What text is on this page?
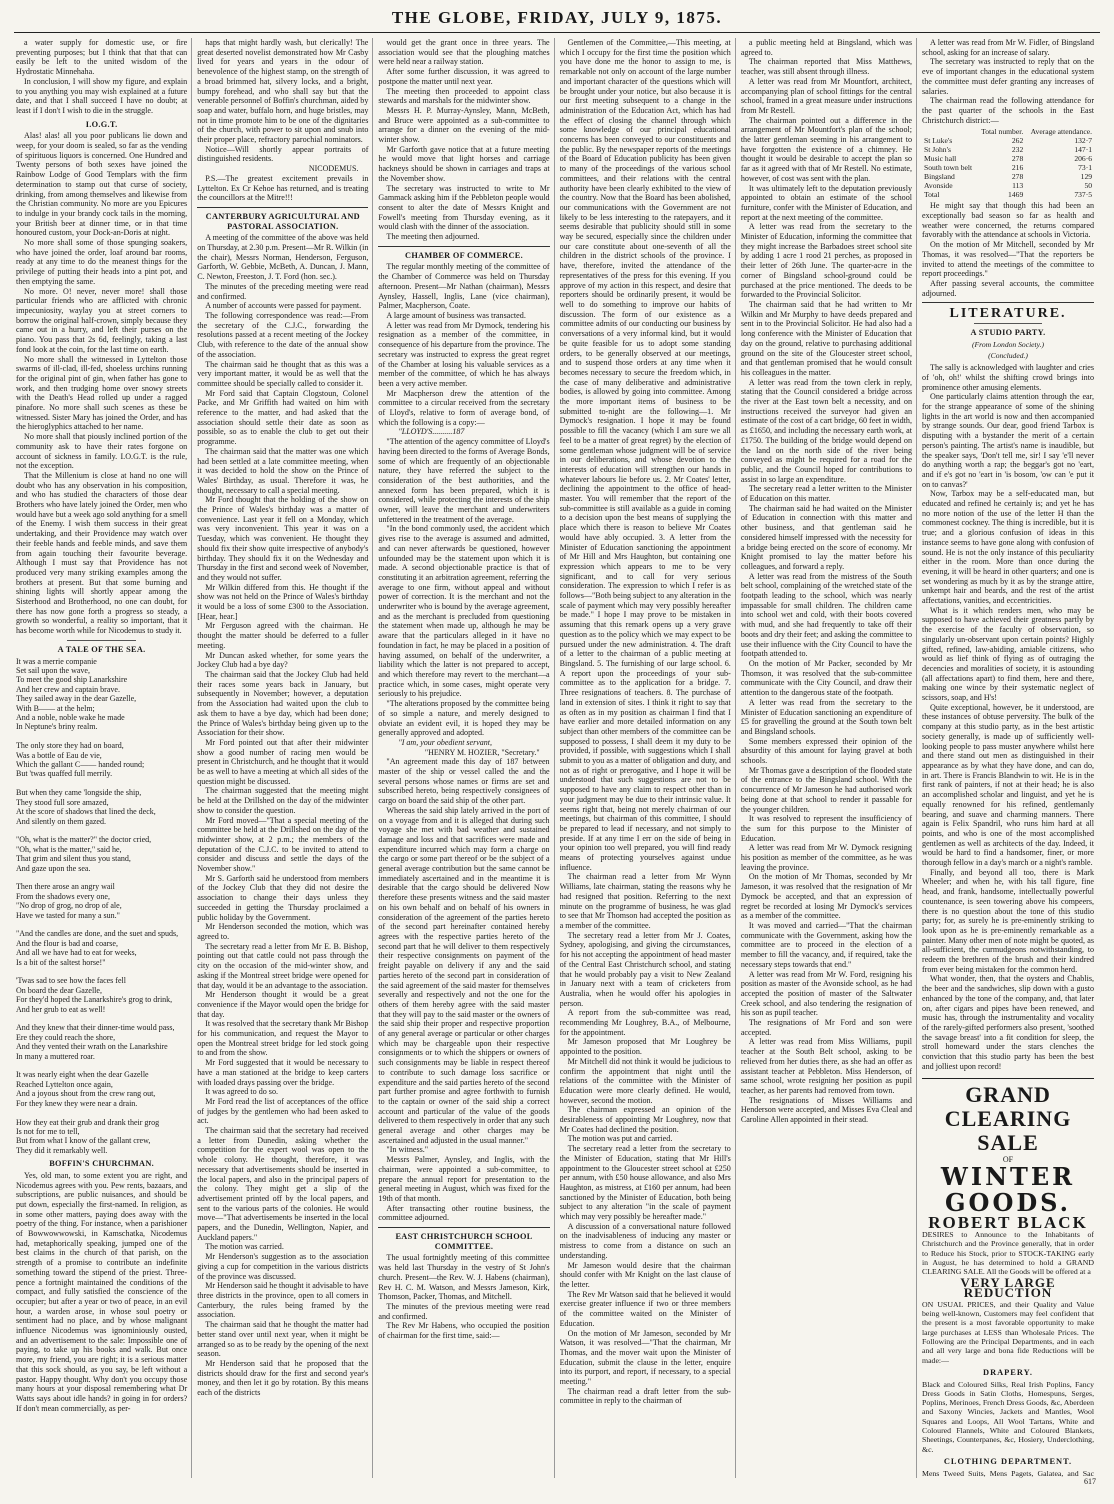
THE GLOBE, FRIDAY, JULY 9, 1875.

a water supply for domestic use, or fire preventing purposes; but I think that that that can easily be left to the united wisdom of the Hydrostatic Minnehaha.

In conclusion, I will show my figure, and explain to you anything you may wish explained at a future date, and that I shall succeed I have no doubt; at least if I don't I wish to die in the struggle.

I.O.G.T.

Alas! alas! all you poor publicans lie down and weep, for your doom is sealed, so far as the vending of spirituous liquors is concerned. One Hundred and Twenty persons of both sexes have joined the Rainbow Lodge of Good Templars with the firm determination to stamp out that curse of society, drinking, from among themselves and likewise from the Christian community. No more are you Epicures to indulge in your brandy cock tails in the morning, your British beer at dinner time, or in that time honoured custom, your Dock-an-Doris at night.

No more shall some of those spunging soakers, who have joined the order, loaf around bar rooms, ready at any time to do the meanest things for the privilege of putting their heads into a pint pot, and then emptying the same.

No more. O! never, never more! shall those particular friends who are afflicted with chronic impecuniosity, waylay you at street corners to borrow the original half-crown, simply because they came out in a hurry, and left their purses on the piano. You pass that 2s 6d, feelingly, taking a last fond look at the coin, for the last time on earth.

No more shall the witnessed in Lyttelton those swarms of ill-clad, ill-fed, shoeless urchins running for the original pint of gin, when father has gone to work, and then trudging home over snowy streets with the Death's Head rolled up under a ragged pinafore. No more shall such scenes as these be witnessed. Sister Mary has joined the Order, and has the hieroglyphics attached to her name.

No more shall that piously inclined portion of the community ask to have their rates forgone on account of sickness in family. I.O.G.T. is the rule, not the exception.

That the Millenium is close at hand no one will doubt who has any observation in his composition, and who has studied the characters of those dear Brothers who have lately joined the Order, men who would have but a week ago sold anything for a smell of the Enemy. I wish them success in their great undertaking, and their Providence may watch over their feeble hands and feeble minds, and save them from again touching their favourite beverage. Although I must say that Providence has not produced very many striking examples among the brothers at present. But that some burning and shining lights will shortly appear among the Sisterhood and Brotherhood, no one can doubt, for there has now gone forth a progress so steady, a growth so wonderful, a reality so important, that it has become worth while for Nicodemus to study it.

A TALE OF THE SEA.
It was a merrie companie
Set sail upon the wave,
To meet the good ship Lanarkshire
And her crew and captain brave.
They sailed away in the dear Gazelle,
With B—— at the helm;
And a noble, noble wake he made
In Neptune's briny realm.

The only store they had on board,
Was a bottle of Eau de vie,
Which the gallant C—— handed round;
But 'twas quaffed full merrily.

But when they came 'longside the ship,
They stood full sore amazed,
At the score of shadows that lined the deck,
And silently on them gazed.

"Oh, what is the matter?" the doctor cried,
"Oh, what is the matter," said he,
That grim and silent thus you stand,
And gaze upon the sea.

Then there arose an angry wail
From the shadows every one,
"No drop of grog, no drop of ale,
Have we tasted for many a sun."

"And the candles are done, and the suet and spuds,
And the flour is bad and coarse,
And all we have had to eat for weeks,
Is a bit of the saltest horse!"

'Twas sad to see how the faces fell
On board the dear Gazelle,
For they'd hoped the Lanarkshire's grog to drink,
And her grub to eat as well!

And they knew that their dinner-time would pass,
Ere they could reach the shore,
And they vented their wrath on the Lanarkshire
In many a muttered roar.

It was nearly eight when the dear Gazelle
Reached Lyttelton once again,
And a joyous shout from the crew rang out,
For they knew they were near a drain.

How they eat their grub and drank their grog
Is not for me to tell,
But from what I know of the gallant crew,
They did it remarkably well.
BOFFIN'S CHURCHMAN.

Yes, old man, to some extent you are right, and Nicodemus agrees with you. Pew rents, bazaars, and subscriptions, are public nuisances, and should be put down, especially the first-named. In religion, as in some other matters, paying does away with the poetry of the thing. For instance, when a parishioner of Bowwowwowski, in Kamschatka, Nicodemus had, metaphorically speaking, jumped one of the best claims in the church of that parish, on the strength of a promise to contribute an indefinite something toward the stipend of the priest. Three-pence a fortnight maintained the conditions of the compact, and fully satisfied the conscience of the occupier; but after a year or two of peace, in an evil hour, a warden arose, in whose soul poetry or sentiment had no place, and by whose malignant influence Nicodemus was ignominiously ousted, and an advertisement to the sale: Impossible one of paying, to take up his books and walk. But once more, my friend, you are right; it is a serious matter that this sock should, as you say, be left without a pastor. Happy thought. Why don't you occupy those many hours at your disposal remembering what Dr Watts says about idle hands? in going in for orders? If don't mean commercially, as per-

haps that might hardly wash, but clerically! The great deserted novelist demonstrated how Mr Casby lived for years and years in the odour of benevolence of the highest stamp, on the strength of a broad brimmed hat, silvery locks, and a bright, bumpy forehead, and who shall say but that the venerable personnel of Boffin's churchman, aided by soap and water, buffalo horn, and huge bristles, may not in time promote him to be one of the dignitaries of the church, with power to sit upon and snub into their proper place, refractory parochial nominators.

Notice—Will shortly appear portraits of distinguished residents.

NICODEMUS.

P.S.—The greatest excitement prevails in Lyttelton. Ex Cr Kehoe has returned, and is treating the councillors at the Mitre!!!

CANTERBURY AGRICULTURAL AND PASTORAL ASSOCIATION.

A meeting of the committee of the above was held on Thursday, at 2.30 p.m. Present—Mr R. Wilkin (in the chair), Messrs Norman, Henderson, Ferguson, Garforth, W. Gebbie, McBeth, A. Duncan, J. Mann, C. Newton, Freeston, J. T. Ford (hon. sec.).

The minutes of the preceding meeting were read and confirmed.

A number of accounts were passed for payment.

The following correspondence was read:—From the secretary of the C.J.C., forwarding the resolutions passed at a recent meeting of the Jockey Club, with reference to the date of the annual show of the association.

The chairman said he thought that as this was a very important matter, it would be as well that the committee should be specially called to consider it.

Mr Ford said that Captain Clogstoun, Colonel Packe, and Mr Griffith had waited on him with reference to the matter, and had asked that the association should settle their date as soon as possible, so as to enable the club to get out their programme.

The chairman said that the matter was one which had been settled at a late committee meeting, when it was decided to hold the show on the Prince of Wales' Birthday, as usual. Therefore it was, he thought, necessary to call a special meeting.

Mr Ford thought that the holding of the show on the Prince of Wales's birthday was a matter of convenience. Last year it fell on a Monday, which was very inconvenient. This year it was on a Tuesday, which was convenient. He thought they should fix their show quite irrespective of anybody's birthday. They should fix it on the Wednesday and Thursday in the first and second week of November, and they would not suffer.

Mr Wilkin differed from this. He thought if the show was not held on the Prince of Wales's birthday it would be a loss of some £300 to the Association. [Hear, hear.]

Mr Ferguson agreed with the chairman. He thought the matter should be deferred to a fuller meeting.

Mr Duncan asked whether, for some years the Jockey Club had a bye day?

The chairman said that the Jockey Club had held their races some years back in January, but subsequently in November; however, a deputation from the Association had waited upon the club to ask them to have a bye day, which had been done; the Prince of Wales's birthday being given up to the Association for their show.

Mr Ford pointed out that after their midwinter show a good number of racing men would be present in Christchurch, and he thought that it would be as well to have a meeting at which all sides of the question might be discussed.

The chairman suggested that the meeting might be held at the Drillshed on the day of the midwinter show to consider the question.

Mr Ford moved—"That a special meeting of the committee be held at the Drillshed on the day of the midwinter show, at 2 p.m.; the members of the deputation of the C.J.C. to be invited to attend to consider and discuss and settle the days of the November show."

Mr S. Garforth said he understood from members of the Jockey Club that they did not desire the association to change their days unless they succeeded in getting the Thursday proclaimed a public holiday by the Government.

Mr Henderson seconded the motion, which was agreed to.

The secretary read a letter from Mr E. B. Bishop, pointing out that cattle could not pass through the city on the occasion of the mid-winter show, and asking if the Montreal street bridge were opened for that day, would it be an advantage to the association.

Mr Henderson thought it would be a great convenience if the Mayor would open the bridge for that day.

It was resolved that the secretary thank Mr Bishop for his communication, and request the Mayor to open the Montreal street bridge for led stock going to and from the show.

Mr Ford suggested that it would be necessary to have a man stationed at the bridge to keep carters with loaded drays passing over the bridge.

It was agreed to do so.

Mr Ford read the list of acceptances of the office of judges by the gentlemen who had been asked to act.

The chairman said that the secretary had received a letter from Dunedin, asking whether the competition for the expert wool was open to the whole colony. He thought, therefore, it was necessary that advertisements should be inserted in the local papers, and also in the principal papers of the colony. They might get a slip of the advertisement printed off by the local papers, and sent to the various parts of the colonies. He would move—"That advertisements be inserted in the local papers, and the Dunedin, Wellington, Napier, and Auckland papers."

The motion was carried.

Mr Henderson's suggestion as to the association giving a cup for competition in the various districts of the province was discussed.

Mr Henderson said he thought it advisable to have three districts in the province, open to all comers in Canterbury, the rules being framed by the association.

The chairman said that he thought the matter had better stand over until next year, when it might be arranged so as to be ready by the opening of the next season.

Mr Henderson said that he proposed that the districts should draw for the first and second year's money, and then let it go by rotation. By this means each of the districts

would get the grant once in three years. The association would see that the ploughing matches were held near a railway station.

After some further discussion, it was agreed to postpone the matter until next year.

The meeting then proceeded to appoint class stewards and marshals for the midwinter show.

Messrs H. P. Murray-Aynsley, Mann, McBeth, and Bruce were appointed as a sub-committee to arrange for a dinner on the evening of the mid-winter show.

Mr Garforth gave notice that at a future meeting he would move that light horses and carriage hackneys should be shown in carriages and traps at the November show.

The secretary was instructed to write to Mr Gammack asking him if the Pebbleton people would consent to alter the date of Messrs Knight and Fowell's meeting from Thursday evening, as it would clash with the dinner of the association.

The meeting then adjourned.

CHAMBER OF COMMERCE.

The regular monthly meeting of the committee of the Chamber of Commerce was held on Thursday afternoon. Present—Mr Nathan (chairman), Messrs Aynsley, Hassell, Inglis, Lane (vice chairman), Palmer, Macpherson, Coate.

A large amount of business was transacted.

A letter was read from Mr Dymock, tendering his resignation as a member of the committee, in consequence of his departure from the province. The secretary was instructed to express the great regret of the Chamber at losing his valuable services as a member of the committee, of which he has always been a very active member.

Mr Macpherson drew the attention of the committee to a circular received from the secretary of Lloyd's, relative to form of average bond, of which the following is a copy:—

"LLOYD'S..........187

"The attention of the agency committee of Lloyd's having been directed to the forms of Average Bonds, some of which are frequently of an objectionable nature, they have referred the subject to the consideration of the best authorities, and the annexed form has been prepared, which it is considered, while protecting the interests of the ship owner, will leave the merchant and underwriters unfettered in the treatment of the average.

"In the bond commonly used, the accident which gives rise to the average is assumed and admitted, and can never afterwards be questioned, however unfounded may be the statement upon which it is made. A second objectionable practice is that of constituting it an arbitration agreement, referring the average to one firm, without appeal and without power of correction. It is the merchant and not the underwriter who is bound by the average agreement, and as the merchant is precluded from questioning the statement when made up, although he may be aware that the particulars alleged in it have no foundation in fact, he may be placed in a position of having assumed, on behalf of the underwriter, a liability which the latter is not prepared to accept, and which therefore may revert to the merchant—a practice which, in some cases, might operate very seriously to his prejudice.

"The alterations proposed by the committee being of so simple a nature, and merely designed to obviate an evident evil, it is hoped they may be generally approved and adopted.

"I am, your obedient servant,
"HENRY M. HOZIER, "Secretary."

"An agreement made this day of 187 between master of the ship or vessel called the and the several persons whose names or firms are set and subscribed hereto, being respectively consignees of cargo on board the said ship of the other part.

Whereas the said ship lately arrived in the port of on a voyage from and it is alleged that during such voyage she met with bad weather and sustained damage and loss and that sacrifices were made and expenditure incurred which may form a charge on the cargo or some part thereof or be the subject of a general average contribution but the same cannot be immediately ascertained and in the meantime it is desirable that the cargo should be delivered Now therefore these presents witness and the said master on his own behalf and on behalf of his owners in consideration of the agreement of the parties hereto of the second part hereinafter contained hereby agrees with the respective parties hereto of the second part that he will deliver to them respectively their respective consignments on payment of the freight payable on delivery if any and the said parties hereto of the second part in consideration of the said agreement of the said master for themselves severally and respectively and not the one for the others of them hereby agree with the said master that they will pay to the said master or the owners of the said ship their proper and respective proportion of any general average or particular or other charges which may be chargeable upon their respective consignments or to which the shippers or owners of such consignments may be liable in respect thereof to contribute to such damage loss sacrifice or expenditure and the said parties hereto of the second part further promise and agree forthwith to furnish to the captain or owner of the said ship a correct account and particular of the value of the goods delivered to them respectively in order that any such general average and other charges may be ascertained and adjusted in the usual manner."

"In witness."

Messrs Palmer, Aynsley, and Inglis, with the chairman, were appointed a sub-committee, to prepare the annual report for presentation to the general meeting in August, which was fixed for the 19th of that month.

After transacting other routine business, the committee adjourned.

EAST CHRISTCHURCH SCHOOL COMMITTEE.

The usual fortnightly meeting of this committee was held last Thursday in the vestry of St John's church. Present—the Rev. W. J. Habens (chairman), Rev H. C. M. Watson, and Messrs Jameson, Kirk, Thomson, Packer, Thomas, and Mitchell.

The minutes of the previous meeting were read and confirmed.

The Rev Mr Habens, who occupied the position of chairman for the first time, said:—

Gentlemen of the Committee,—This meeting, at which I occupy for the first time the position which you have done me the honor to assign to me, is remarkable not only on account of the large number and important character of the questions which will be brought under your notice, but also because it is our first meeting subsequent to a change in the administration of the Education Act, which has had the effect of closing the channel through which some knowledge of our principal educational concerns has been conveyed to our constituents and the public. By the newspaper reports of the meetings of the Board of Education publicity has been given to many of the proceedings of the various school committees, and their relations with the central authority have been clearly exhibited to the view of the country. Now that the Board has been abolished, our communications with the Government are not likely to be less interesting to the ratepayers, and it seems desirable that publicity should still in some way be secured, especially since the children under our care constitute about one-seventh of all the children in the district schools of the province. I have, therefore, invited the attendance of the representatives of the press for this evening. If you approve of my action in this respect, and desire that reporters should be ordinarily present, it would be well to do something to improve our habits of discussion. The form of our existence as a committee admits of our conducting our business by conversations of a very informal kind, but it would be quite feasible for us to adopt some standing orders, to be generally observed at our meetings, and to suspend those orders at any time when it becomes necessary to secure the freedom which, in the case of many deliberative and administrative bodies, is allowed by going into committee. Among the more important items of business to be submitted to-night are the following—1. Mr Dymock's resignation. I hope it may be found possible to fill the vacancy (which I am sure we all feel to be a matter of great regret) by the election of some gentleman whose judgment will be of service in our deliberations, and whose devotion to the interests of education will strengthen our hands in whatever labours lie before us. 2. Mr Coates' letter, declining the appointment to the office of head-master. You will remember that the report of the sub-committee is still available as a guide in coming to a decision upon the best means of supplying the place which there is reason to believe Mr Coates would have ably occupied. 3. A letter from the Minister of Education sanctioning the appointment of Mr Hill and Mrs Haughton, but containing one expression which appears to me to be very significant, and to call for very serious consideration. The expression to which I refer is as follows—"Both being subject to any alteration in the scale of payment which may very possibly hereafter be made." I hope I may prove to be mistaken in assuming that this remark opens up a very grave question as to the policy which we may expect to be pursued under the new administration. 4. The draft of a letter to the chairman of a public meeting at Bingsland. 5. The furnishing of our large school. 6. A report upon the proceedings of your sub-committee as to the application for a bridge. 7. Three resignations of teachers. 8. The purchase of land in extension of sites. I think it right to say that as often as in my position as chairman I find that I have earlier and more detailed information on any subject than other members of the committee can be supposed to possess, I shall deem it my duty to be provided, if possible, with suggestions which I shall submit to you as a matter of obligation and duty, and not as of right or prerogative, and I hope it will be understood that such suggestions are not to be supposed to have any claim to respect other than in your judgment may be due to their intrinsic value. It seems right that, being not merely chairman of our meetings, but chairman of this committee, I should be prepared to lead if necessary, and not simply to preside. If at any time I err on the side of being in your opinion too well prepared, you will find ready means of protecting yourselves against undue influence.

The chairman read a letter from Mr Wynn Williams, late chairman, stating the reasons why he had resigned that position. Referring to the next minute on the programme of business, he was glad to see that Mr Thomson had accepted the position as a member of the committee.

The secretary read a letter from Mr J. Coates, Sydney, apologising, and giving the circumstances, for his not accepting the appointment of head master of the Central East Christchurch school, and stating that he would probably pay a visit to New Zealand in January next with a team of cricketers from Australia, when he would offer his apologies in person.

A report from the sub-committee was read, recommending Mr Loughrey, B.A., of Melbourne, for the appointment.

Mr Jameson proposed that Mr Loughrey be appointed to the position.

Mr Mitchell did not think it would be judicious to confirm the appointment that night until the relations of the committee with the Minister of Education were more clearly defined. He would, however, second the motion.

The chairman expressed an opinion of the desirableness of appointing Mr Loughrey, now that Mr Coates had declined the position.

The motion was put and carried.

The secretary read a letter from the secretary to the Minister of Education, stating that Mr Hill's appointment to the Gloucester street school at £250 per annum, with £50 house allowance, and also Mrs Haughton, as mistress, at £160 per annum, had been sanctioned by the Minister of Education, both being subject to any alteration "in the scale of payment which may very possibly be hereafter made."

A discussion of a conversational nature followed on the inadvisableness of inducing any master or mistress to come from a distance on such an understanding.

Mr Jameson would desire that the chairman should confer with Mr Knight on the last clause of the letter.

The Rev Mr Watson said that he believed it would exercise greater influence if two or three members of the committee waited on the Minister of Education.

On the motion of Mr Jameson, seconded by Mr Watson, it was resolved—"That the chairman, Mr Thomas, and the mover wait upon the Minister of Education, submit the clause in the letter, enquire into its purport, and report, if necessary, to a special meeting."

The chairman read a draft letter from the sub-committee in reply to the chairman of

a public meeting held at Bingsland, which was agreed to.

The chairman reported that Miss Matthews, teacher, was still absent through illness.

A letter was read from Mr Mountfort, architect, accompanying plan of school fittings for the central school, framed in a great measure under instructions from Mr Restell.

The chairman pointed out a difference in the arrangement of Mr Mountfort's plan of the school; the latter gentleman seeming in his arrangement to have forgotten the existence of a chimney. He thought it would be desirable to accept the plan so far as it agreed with that of Mr Restell. No estimate, however, of cost was sent with the plan.

It was ultimately left to the deputation previously appointed to obtain an estimate of the school furniture, confer with the Minister of Education, and report at the next meeting of the committee.

A letter was read from the secretary to the Minister of Education, informing the committee that they might increase the Barbadoes street school site by adding 1 acre 1 rood 21 perches, as proposed in their letter of 26th June. The quarter-acre in the corner of Bingsland school-ground could be purchased at the price mentioned. The deeds to be forwarded to the Provincial Solicitor.

The chairman said that he had written to Mr Wilkin and Mr Murphy to have deeds prepared and sent in to the Provincial Solicitor. He had also had a long conference with the Minister of Education that day on the ground, relative to purchasing additional ground on the site of the Gloucester street school, and that gentleman promised that he would consult his colleagues in the matter.

A letter was read from the town clerk in reply, stating that the Council considered a bridge across the river at the East town belt a necessity, and on instructions received the surveyor had given an estimate of the cost of a cart bridge, 60 feet in width, as £1650, and including the necessary earth work, at £1750. The building of the bridge would depend on the land on the north side of the river being conveyed as might be required for a road for the public, and the Council hoped for contributions to assist in so large an expenditure.

The secretary read a letter written to the Minister of Education on this matter.

The chairman said he had waited on the Minister of Education in connection with this matter and other business, and that gentleman said he considered himself impressed with the necessity for a bridge being erected on the score of economy. Mr Knight promised to lay the matter before his colleagues, and forward a reply.

A letter was read from the mistress of the South belt school, complaining of the wretched state of the footpath leading to the school, which was nearly impassable for small children. The children came into school wet and cold, with their boots covered with mud, and she had frequently to take off their boots and dry their feet; and asking the committee to use their influence with the City Council to have the footpath attended to.

On the motion of Mr Packer, seconded by Mr Thomson, it was resolved that the sub-committee communicate with the City Council, and draw their attention to the dangerous state of the footpath.

A letter was read from the secretary to the Minister of Education sanctioning an expenditure of £5 for gravelling the ground at the South town belt and Bingsland schools.

Some members expressed their opinion of the absurdity of this amount for laying gravel at both schools.

Mr Thomas gave a description of the flooded state of the entrance to the Bingsland school. With the concurrence of Mr Jameson he had authorised work being done at that school to render it passable for the younger children.

It was resolved to represent the insufficiency of the sum for this purpose to the Minister of Education.

A letter was read from Mr W. Dymock resigning his position as member of the committee, as he was leaving the province.

On the motion of Mr Thomas, seconded by Mr Jameson, it was resolved that the resignation of Mr Dymock be accepted, and that an expression of regret be recorded at losing Mr Dymock's services as a member of the committee.

It was moved and carried—"That the chairman communicate with the Government, asking how the committee are to proceed in the election of a member to fill the vacancy, and, if required, take the necessary steps towards that end."

A letter was read from Mr W. Ford, resigning his position as master of the Avonside school, as he had accepted the position of master of the Saltwater Creek school, and also tendering the resignation of his son as pupil teacher.

The resignations of Mr Ford and son were accepted.

A letter was read from Miss Williams, pupil teacher at the South Belt school, asking to be relieved from her duties there, as she had an offer as assistant teacher at Pebbleton. Miss Henderson, of same school, wrote resigning her position as pupil teacher, as her parents had removed from town.

The resignations of Misses Williams and Henderson were accepted, and Misses Eva Cleal and Caroline Allen appointed in their stead.

A letter was read from Mr W. Fidler, of Bingsland school, asking for an increase of salary.

The secretary was instructed to reply that on the eve of important changes in the educational system the committee must defer granting any increases of salaries.

The chairman read the following attendance for the past quarter of the schools in the East Christchurch district:—

	Total number.	Average attendance.
St Luke's	262	132·7
St John's	232	147·1
Music hall	278	206·6
South town belt	216	73·1
Bingsland	278	129
Avonside	113	50
Total	1469	737·5

He might say that though this had been an exceptionally bad season so far as health and weather were concerned, the returns compared favorably with the attendance at schools in Victoria.

On the motion of Mr Mitchell, seconded by Mr Thomas, it was resolved—"That the reporters be invited to attend the meetings of the committee to report proceedings."

After passing several accounts, the committee adjourned.

LITERATURE.
A STUDIO PARTY.
(From London Society.)
(Concluded.)

The sally is acknowledged with laughter and cries of 'oh, oh!' whilst the shifting crowd brings into prominence other amusing elements.

One particularly claims attention through the ear, for the strange appearance of some of the shining lights in the art world is now and then accompanied by strange sounds. Our dear, good friend Tarbox is disputing with a bystander the merit of a certain person's painting. The artist's name is inaudible, but the speaker says, 'Don't tell me, sir! I say 'e'll never do anything worth a rap; the beggar's got no 'eart, and if e's got no 'eart in 'is bosom, 'ow can 'e put it on to canvas?'

Now, Tarbox may be a self-educated man, but educated and refined he certainly is; and yet he has no more notion of the use of the letter H than the commonest cockney. The thing is incredible, but it is true; and a glorious confusion of ideas in this instance seems to have gone along with confusion of sound. He is not the only instance of this peculiarity either in the room. More than once during the evening, it will be heard in other quarters; and one is set wondering as much by it as by the strange attire, unkempt hair and beards, and the rest of the artist affectations, vanities, and eccentricities.

What is it which renders men, who may be supposed to have achieved their greatness partly by the exercise of the faculty of observation, so singularly un-observant upon certain points? Highly gifted, refined, law-abiding, amiable citizens, who would as lief think of flying as of outraging the decencies and moralities of society, it is astounding (all affectations apart) to find them, here and there, making one wince by their systematic neglect of scissors, soap, and H's!

Quite exceptional, however, be it understood, are these instances of obtuse perversity. The bulk of the company at this studio party, as in the best artistic society generally, is made up of sufficiently well-looking people to pass muster anywhere whilst here and there stand out men as distinguished in their appearance as by what they have done, and can do, in art. There is Francis Blandwin to wit. He is in the first rank of painters, if not at their head; he is also an accomplished scholar and linguist, and yet he is equally renowned for his refined, gentlemanly bearing, and suave and charming manners. There again is Felix Spandril, who runs him hard at all points, and who is one of the most accomplished gentlemen as well as architects of the day. Indeed, it would be hard to find a handsomer, finer, or more thorough fellow in a day's march or a night's ramble.

Finally, and beyond all too, there is Mark Wheeler; and when he, with his tall figure, fine head, and frank, handsome, intellectually powerful countenance, is seen towering above his compeers, there is no question about the tone of this studio party; for, as surely he is pre-eminently striking to look upon as he is pre-eminently remarkable as a painter. Many other men of note might be quoted, as all-sufficient, the curmudgeons notwithstanding, to redeem the brethren of the brush and their kindred from ever being mistaken for the common herd.

What wonder, then, that the oysters and Chablis, the beer and the sandwiches, slip down with a gusto enhanced by the tone of the company, and, that later on, after cigars and pipes have been renewed, and music has, through the instrumentality and vocality of the rarely-gifted performers also present, 'soothed the savage breast' into a fit condition for sleep, the stroll homeward under the stars clenches the conviction that this studio party has been the best and jolliest upon record!

GRAND CLEARING SALE
OF
WINTER GOODS.
ROBERT BLACK
DESIRES to Announce to the Inhabitants of Christchurch and the Province generally, that in order to Reduce his Stock, prior to STOCK-TAKING early in August, he has determined to hold a GRAND CLEARING SALE. All the Goods will be offered at a
VERY LARGE REDUCTION
ON USUAL PRICES, and their Quality and Value being well-known, Customers may feel confident that the present is a most favorable opportunity to make large purchases at LESS than Wholesale Prices. The Following are the Principal Departments, and in each and all very large and bona fide Reductions will be made:—
DRAPERY.
Black and Coloured Silks, Real Irish Poplins, Fancy Dress Goods in Satin Cloths, Homespuns, Serges, Poplins, Merinoes, French Dress Goods, &c, Aberdeen and Saxony Wincies, Jackets and Mantles, Wool Squares and Loops, All Wool Tartans, White and Coloured Flannels, White and Coloured Blankets, Sheetings, Counterpanes, &c, Hosiery, Underclothing, &c.
CLOTHING DEPARTMENT.
Mens Tweed Suits, Mens Pagets, Galatea, and Sac
617
